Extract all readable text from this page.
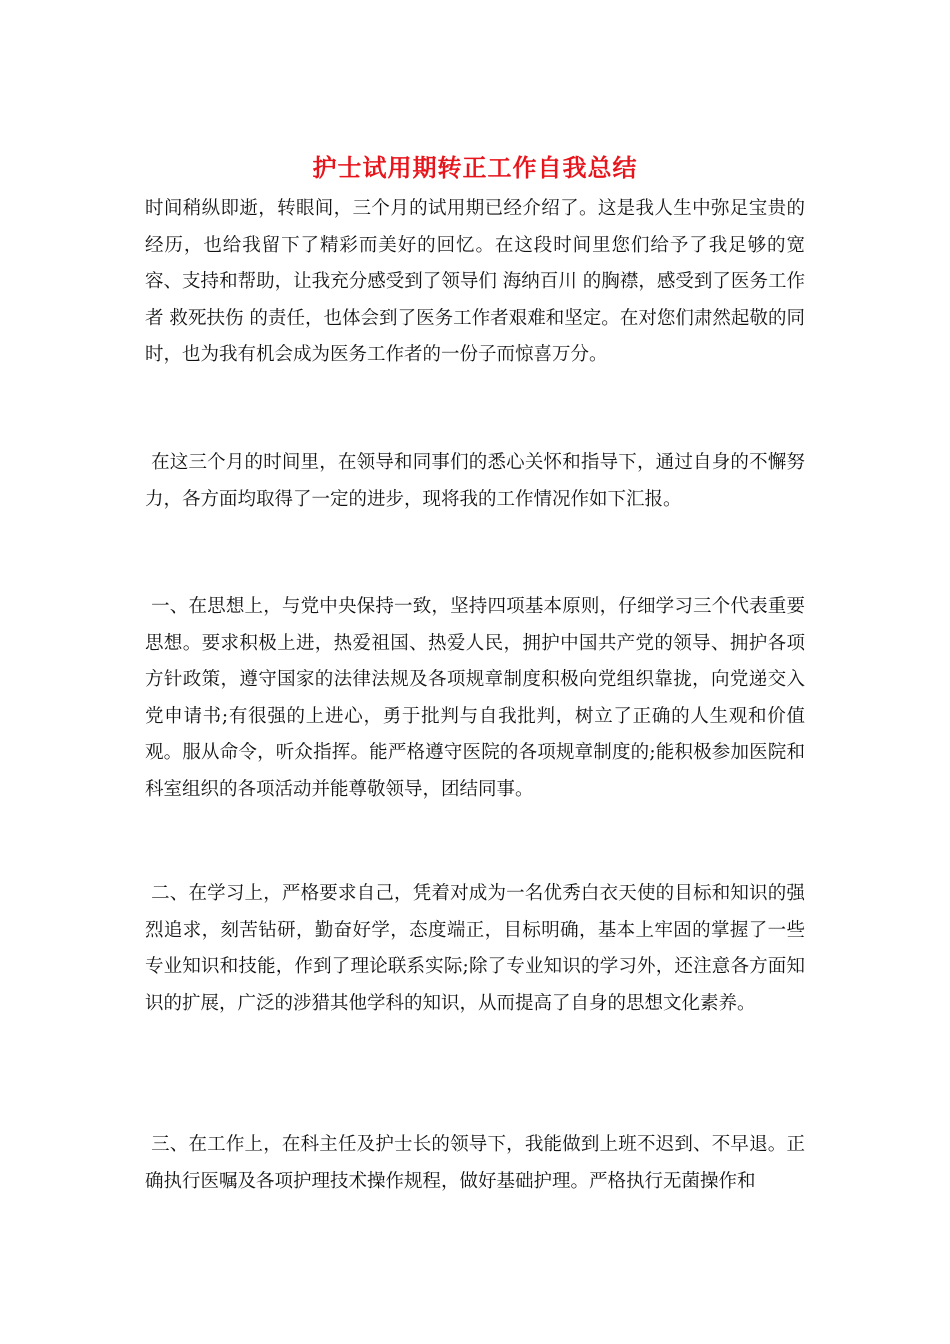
护士试用期转正工作自我总结

时间稍纵即逝，转眼间，三个月的试用期已经介绍了。这是我人生中弥足宝贵的经历，也给我留下了精彩而美好的回忆。在这段时间里您们给予了我足够的宽容、支持和帮助，让我充分感受到了领导们 海纳百川 的胸襟，感受到了医务工作者 救死扶伤 的责任，也体会到了医务工作者艰难和坚定。在对您们肃然起敬的同时，也为我有机会成为医务工作者的一份子而惊喜万分。

在这三个月的时间里，在领导和同事们的悉心关怀和指导下，通过自身的不懈努力，各方面均取得了一定的进步，现将我的工作情况作如下汇报。

一、在思想上，与党中央保持一致，坚持四项基本原则，仔细学习三个代表重要思想。要求积极上进，热爱祖国、热爱人民，拥护中国共产党的领导、拥护各项方针政策，遵守国家的法律法规及各项规章制度积极向党组织靠拢，向党递交入党申请书;有很强的上进心，勇于批判与自我批判，树立了正确的人生观和价值观。服从命令，听众指挥。能严格遵守医院的各项规章制度的;能积极参加医院和科室组织的各项活动并能尊敬领导，团结同事。

二、在学习上，严格要求自己，凭着对成为一名优秀白衣天使的目标和知识的强烈追求，刻苦钻研，勤奋好学，态度端正，目标明确，基本上牢固的掌握了一些专业知识和技能，作到了理论联系实际;除了专业知识的学习外，还注意各方面知识的扩展，广泛的涉猎其他学科的知识，从而提高了自身的思想文化素养。

三、在工作上，在科主任及护士长的领导下，我能做到上班不迟到、不早退。正确执行医嘱及各项护理技术操作规程，做好基础护理。严格执行无菌操作和
